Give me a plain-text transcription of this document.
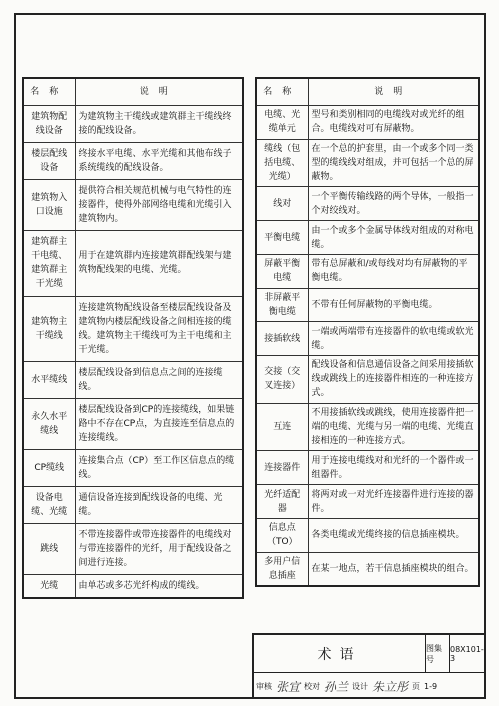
名称	说明
建筑物配线设备	为建筑物主干缆线或建筑群主干缆线终接的配线设备。
楼层配线设备	终接水平电缆、水平光缆和其他布线子系统缆线的配线设备。
建筑物入口设施	提供符合相关规范机械与电气特性的连接器件，使得外部网络电缆和光缆引入建筑物内。
建筑群主干电缆、建筑群主干光缆	用于在建筑群内连接建筑群配线架与建筑物配线架的电缆、光缆。
建筑物主干缆线	连接建筑物配线设备至楼层配线设备及建筑物内楼层配线设备之间相连接的缆线。建筑物主干缆线可为主干电缆和主干光缆。
水平缆线	楼层配线设备到信息点之间的连接缆线。
永久水平缆线	楼层配线设备到CP的连接缆线，如果链路中不存在CP点，为直接连至信息点的连接缆线。
CP缆线	连接集合点（CP）至工作区信息点的缆线。
设备电缆、光缆	通信设备连接到配线设备的电缆、光缆。
跳线	不带连接器件或带连接器件的电缆线对与带连接器件的光纤，用于配线设备之间进行连接。
光缆	由单芯或多芯光纤构成的缆线。
名称	说明
电缆、光缆单元	型号和类别相同的电缆线对或光纤的组合。电缆线对可有屏蔽物。
缆线（包括电缆、光缆）	在一个总的护套里，由一个或多个同一类型的缆线线对组成，并可包括一个总的屏蔽物。
线对	一个平衡传输线路的两个导体，一般指一个对绞线对。
平衡电缆	由一个或多个金属导体线对组成的对称电缆。
屏蔽平衡电缆	带有总屏蔽和/或每线对均有屏蔽物的平衡电缆。
非屏蔽平衡电缆	不带有任何屏蔽物的平衡电缆。
接插软线	一端或两端带有连接器件的软电缆或软光缆。
交接（交叉连接）	配线设备和信息通信设备之间采用接插软线或跳线上的连接器件相连的一种连接方式。
互连	不用接插软线或跳线，使用连接器件把一端的电缆、光缆与另一端的电缆、光缆直接相连的一种连接方式。
连接器件	用于连接电缆线对和光纤的一个器件或一组器件。
光纤适配器	将两对或一对光纤连接器件进行连接的器件。
信息点（TO）	各类电缆或光缆终接的信息插座模块。
多用户信息插座	在某一地点，若干信息插座模块的组合。
术语	图集号
08X101-3
审核 张宜 校对 孙兰 设计 朱立彤 页 1-9
